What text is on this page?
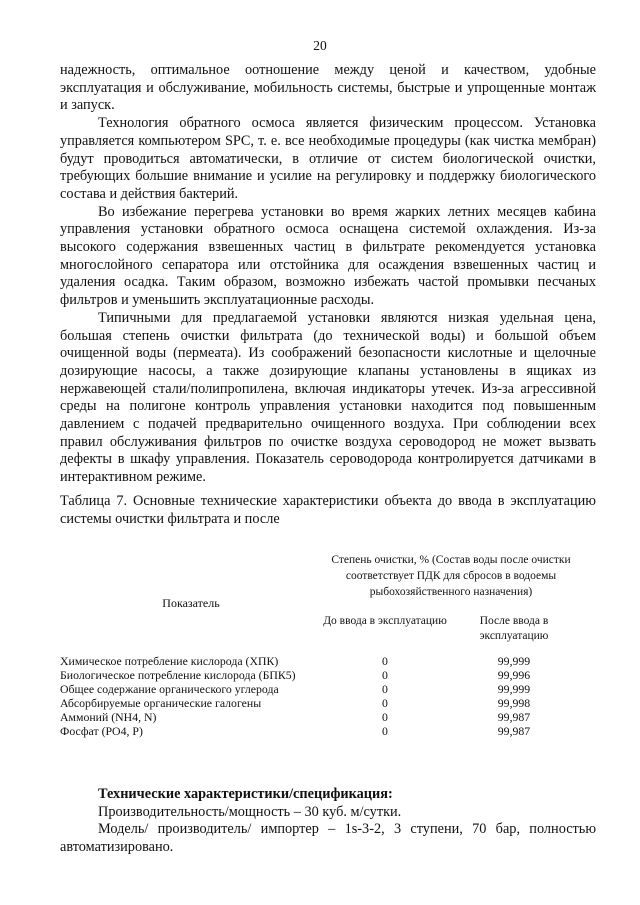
20

надежность, оптимальное оотношение между ценой и качеством, удобные эксплуатация и обслуживание, мобильность системы, быстрые и упрощенные монтаж и запуск.

Технология обратного осмоса является физическим процессом. Установка управляется компьютером SPC, т. е. все необходимые процедуры (как чистка мембран) будут проводиться автоматически, в отличие от систем биологической очистки, требующих большие внимание и усилие на регулировку и поддержку биологического состава и действия бактерий.

Во избежание перегрева установки во время жарких летних месяцев кабина управления установки обратного осмоса оснащена системой охлаждения. Из-за высокого содержания взвешенных частиц в фильтрате рекомендуется установка многослойного сепаратора или отстойника для осаждения взвешенных частиц и удаления осадка. Таким образом, возможно избежать частой промывки песчаных фильтров и уменьшить эксплуатационные расходы.

Типичными для предлагаемой установки являются низкая удельная цена, большая степень очистки фильтрата (до технической воды) и большой объем очищенной воды (пермеата). Из соображений безопасности кислотные и щелочные дозирующие насосы, а также дозирующие клапаны установлены в ящиках из нержавеющей стали/полипропилена, включая индикаторы утечек. Из-за агрессивной среды на полигоне контроль управления установки находится под повышенным давлением с подачей предварительно очищенного воздуха. При соблюдении всех правил обслуживания фильтров по очистке воздуха сероводород не может вызвать дефекты в шкафу управления. Показатель сероводорода контролируется датчиками в интерактивном режиме.

Таблица 7. Основные технические характеристики объекта до ввода в эксплуатацию системы очистки фильтрата и после
Показатель	Степень очистки, % (Состав воды после очистки соответствует ПДК для сбросов в водоемы рыбохозяйственного назначения)	
	До ввода в эксплуатацию	После ввода в эксплуатацию
Химическое потребление кислорода (ХПК)	0	99,999
Биологическое потребление кислорода (БПК5)	0	99,996
Общее содержание органического углерода	0	99,999
Абсорбируемые органические галогены	0	99,998
Аммоний (NH4, N)	0	99,987
Фосфат (PO4, P)	0	99,987

Технические характеристики/спецификация:

Производительность/мощность – 30 куб. м/сутки.

Модель/ производитель/ импортер – 1s-3-2, 3 ступени, 70 бар, полностью автоматизировано.
